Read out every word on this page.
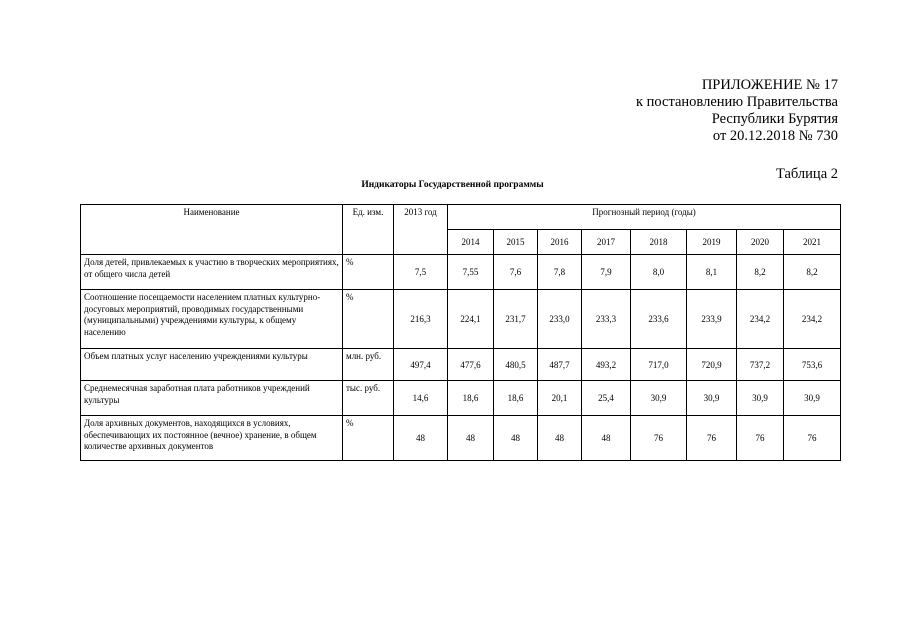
ПРИЛОЖЕНИЕ № 17
к постановлению Правительства
Республики Бурятия
от 20.12.2018 № 730
Таблица 2
Индикаторы Государственной программы
Наименование	Ед. изм.	2013 год	Прогнозный период (годы)							
			2014	2015	2016	2017	2018	2019	2020	2021
Доля детей, привлекаемых к участию в творческих мероприятиях, от общего числа детей	%	7,5	7,55	7,6	7,8	7,9	8,0	8,1	8,2	8,2
Соотношение посещаемости населением платных культурно-досуговых мероприятий, проводимых государственными (муниципальными) учреждениями культуры, к общему населению	%	216,3	224,1	231,7	233,0	233,3	233,6	233,9	234,2	234,2
Объем платных услуг населению учреждениями культуры	млн. руб.	497,4	477,6	480,5	487,7	493,2	717,0	720,9	737,2	753,6
Среднемесячная заработная плата работников учреждений культуры	тыс. руб.	14,6	18,6	18,6	20,1	25,4	30,9	30,9	30,9	30,9
Доля архивных документов, находящихся в условиях, обеспечивающих их постоянное (вечное) хранение, в общем количестве архивных документов	%	48	48	48	48	48	76	76	76	76
